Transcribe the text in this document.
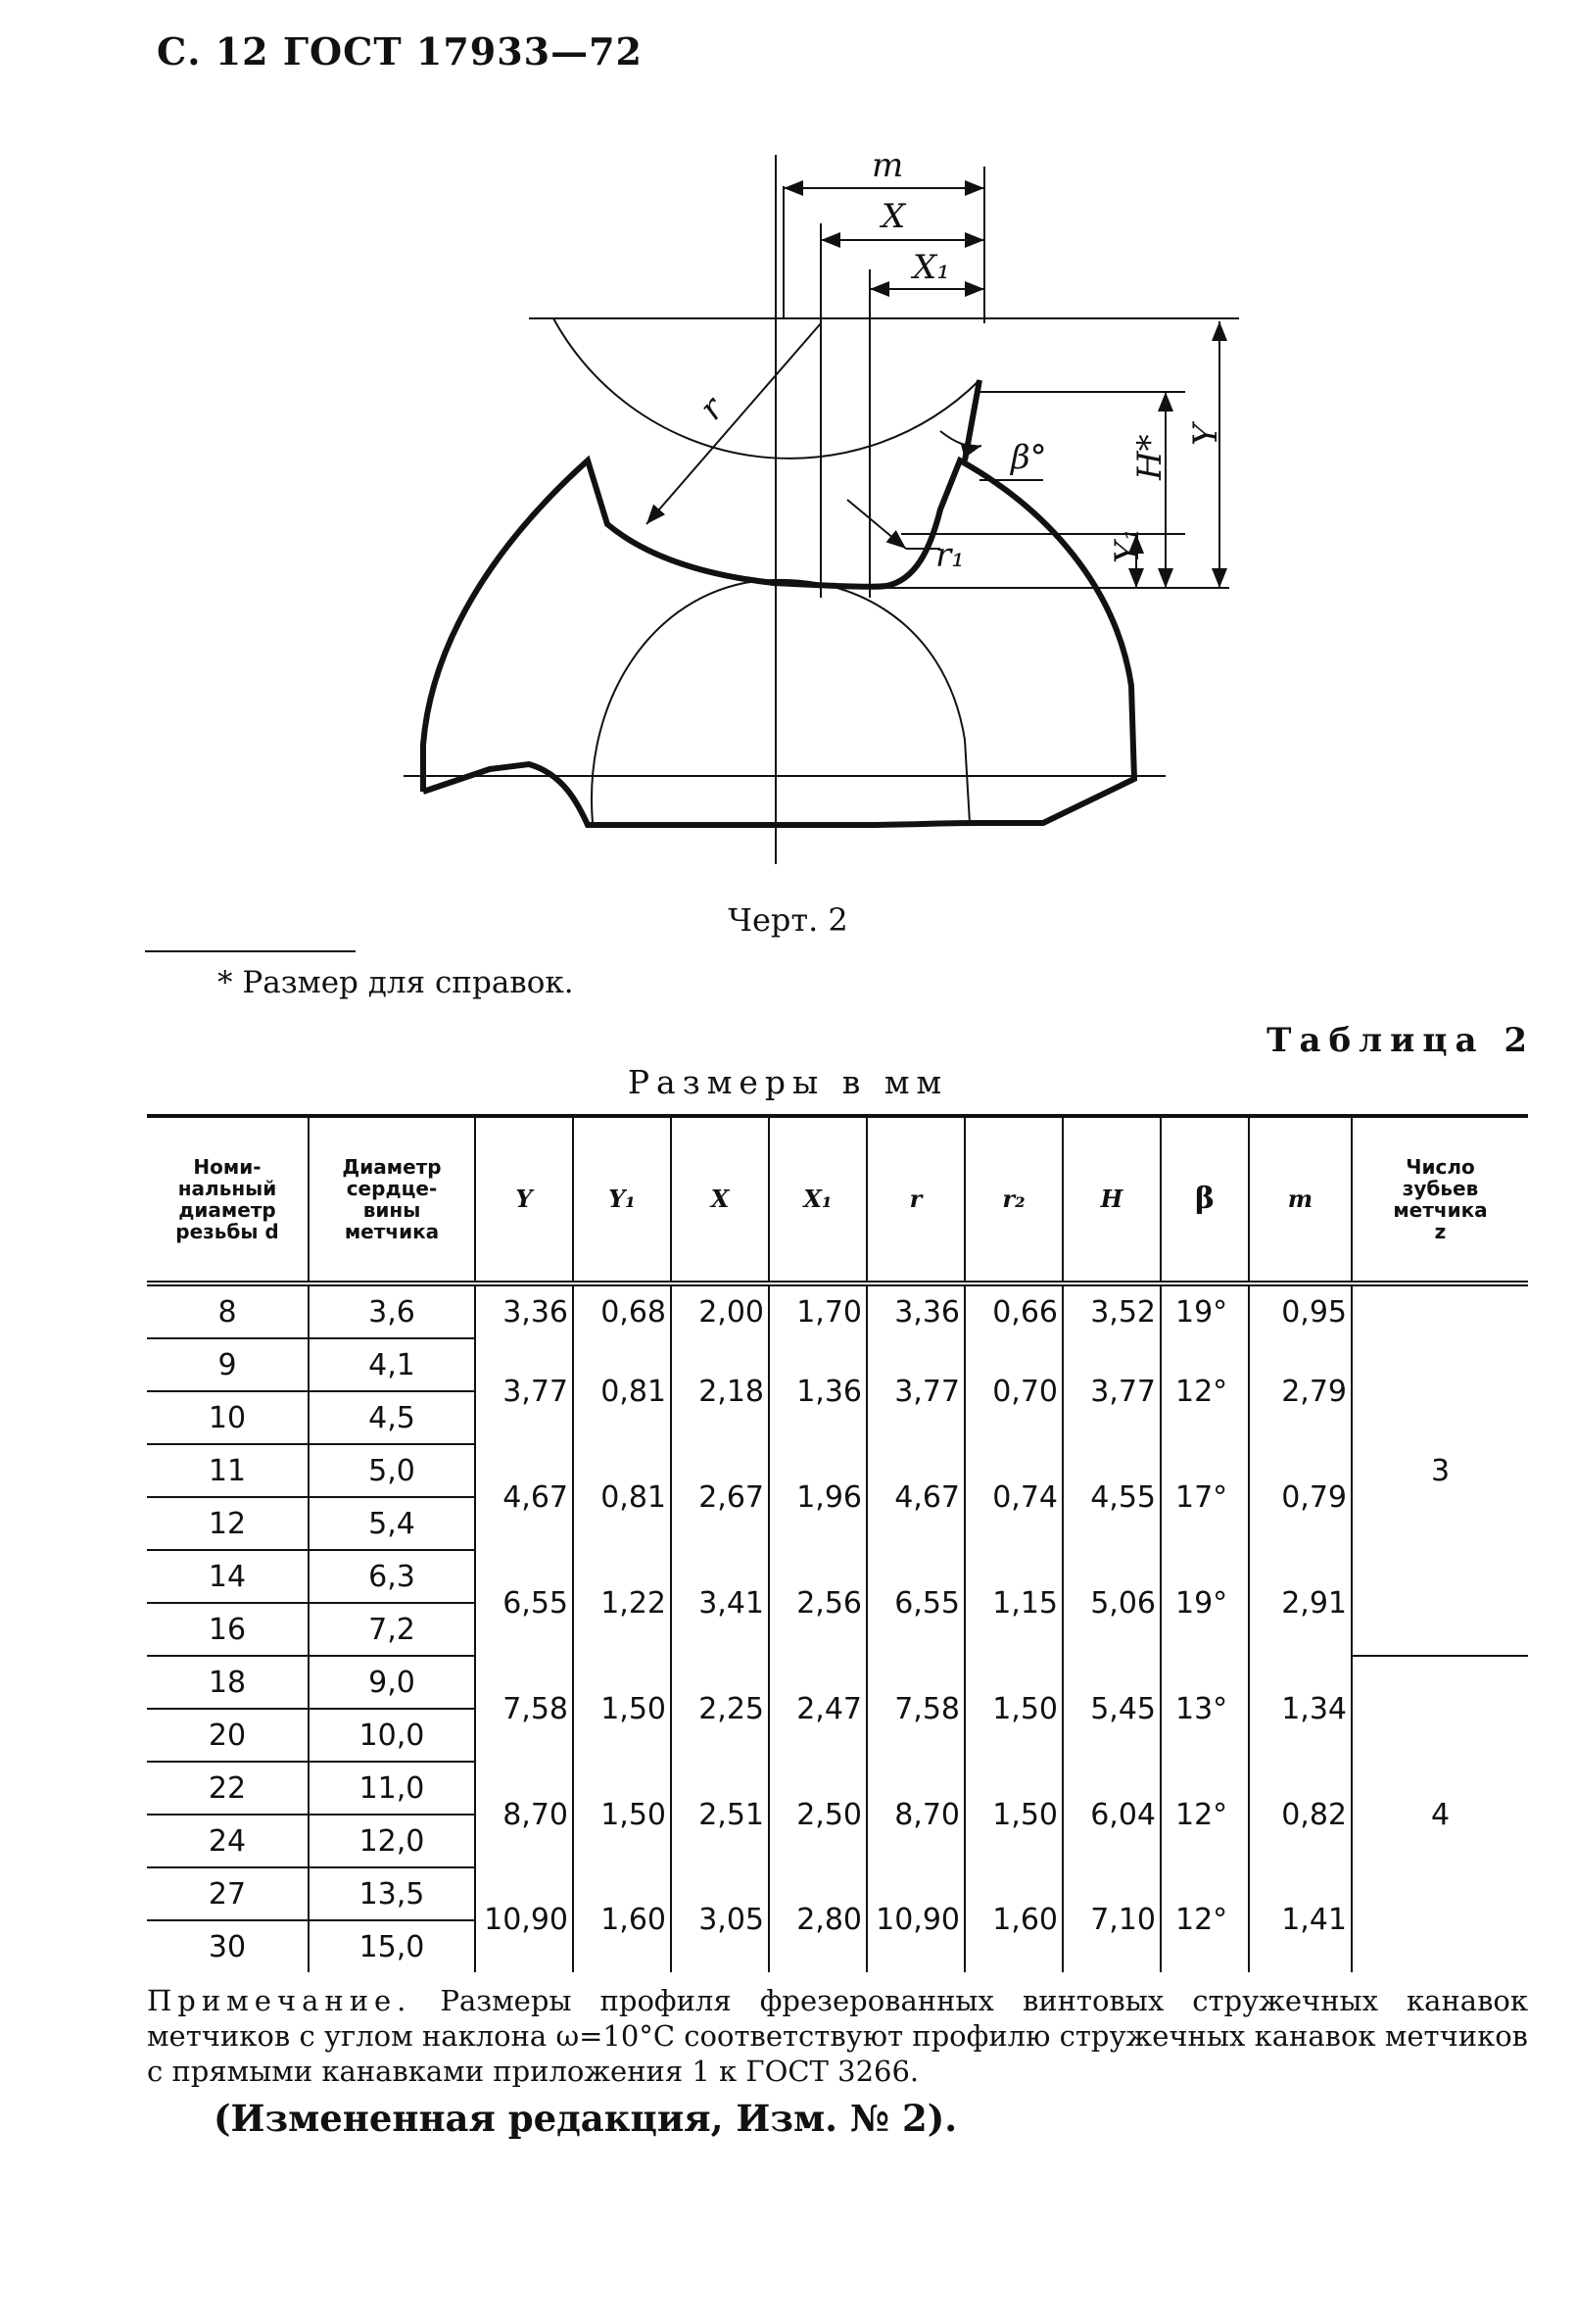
С. 12 ГОСТ 17933—72
m
X
X₁
r
β°	H* Y
r₁	Y₁
Черт. 2
* Размер для справок.
Таблица 2
Размеры в мм
Номи-
нальный
диаметр
резьбы d	Диаметр
сердце-
вины
метчика	Y	Y₁	X	X₁	r	r₂	H	β	m	Число
зубьев
метчика
z
8	3,6	3,36	0,68	2,00	1,70	3,36	0,66	3,52	19°	0,95	3
9	4,1	3,77	0,81	2,18	1,36	3,77	0,70	3,77	12°	2,79	
10	4,5										
11	5,0	4,67	0,81	2,67	1,96	4,67	0,74	4,55	17°	0,79	
12	5,4										
14	6,3	6,55	1,22	3,41	2,56	6,55	1,15	5,06	19°	2,91	
16	7,2										
18	9,0	7,58	1,50	2,25	2,47	7,58	1,50	5,45	13°	1,34	4
20	10,0										
22	11,0	8,70	1,50	2,51	2,50	8,70	1,50	6,04	12°	0,82	
24	12,0										
27	13,5	10,90	1,60	3,05	2,80	10,90	1,60	7,10	12°	1,41	
30	15,0										
Примечание. Размеры профиля фрезерованных винтовых стружечных канавок метчиков с углом наклона ω=10°С соответствуют профилю стружечных канавок метчиков с прямыми канавками приложения 1 к ГОСТ 3266.
(Измененная редакция, Изм. № 2).
